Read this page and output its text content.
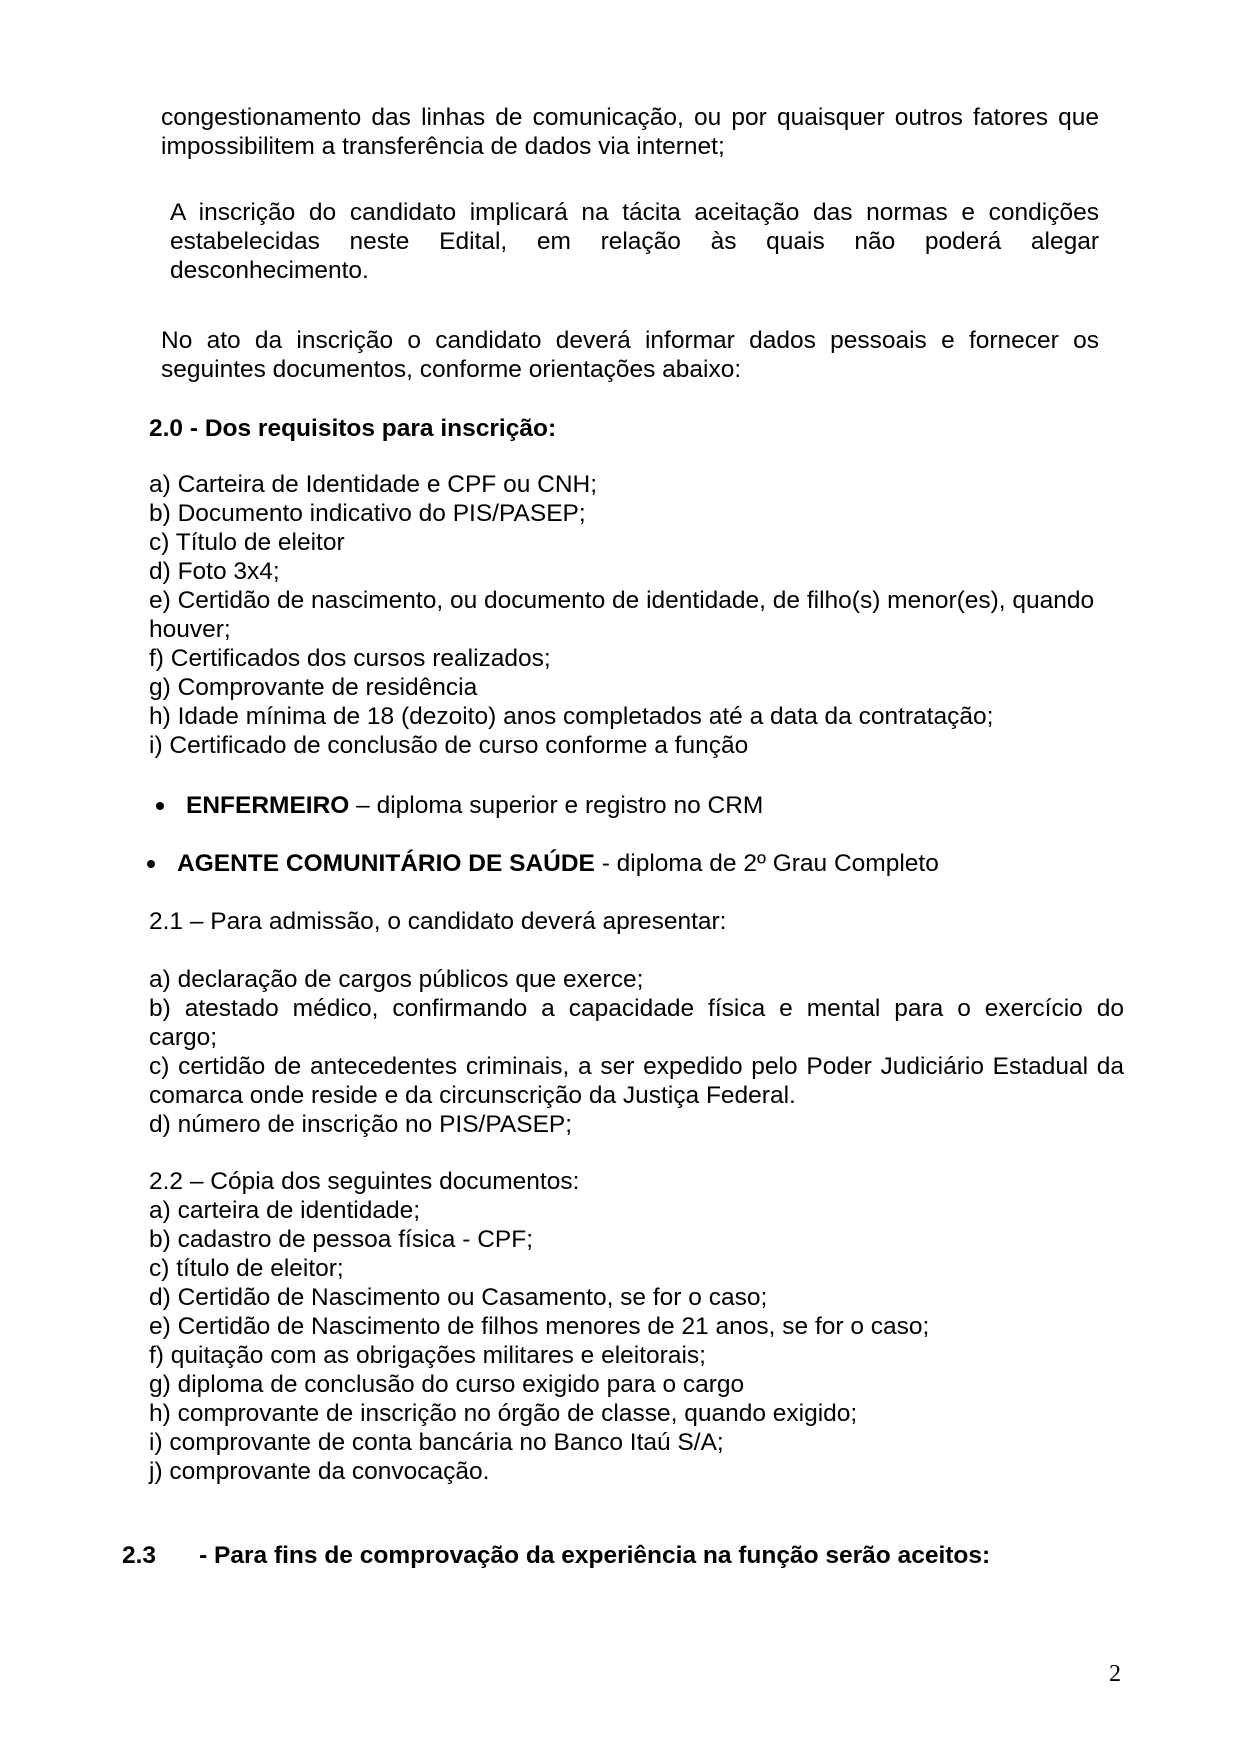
congestionamento das linhas de comunicação, ou por quaisquer outros fatores que
impossibilitem a transferência de dados via internet;
A inscrição do candidato implicará na tácita aceitação das normas e condições
estabelecidas neste Edital, em relação às quais não poderá alegar
desconhecimento.
No ato da inscrição o candidato deverá informar dados pessoais e fornecer os
seguintes documentos, conforme orientações abaixo:
2.0 - Dos requisitos para inscrição:
a) Carteira de Identidade e CPF ou CNH;
b) Documento indicativo do PIS/PASEP;
c) Título de eleitor
d) Foto 3x4;
e) Certidão de nascimento, ou documento de identidade, de filho(s) menor(es), quando
houver;
f) Certificados dos cursos realizados;
g) Comprovante de residência
h) Idade mínima de 18 (dezoito) anos completados até a data da contratação;
i) Certificado de conclusão de curso conforme a função
ENFERMEIRO – diploma superior e registro no CRM
AGENTE COMUNITÁRIO DE SAÚDE - diploma de 2º Grau Completo
2.1 – Para admissão, o candidato deverá apresentar:
a) declaração de cargos públicos que exerce;
b) atestado médico, confirmando a capacidade física e mental para o exercício do
cargo;
c) certidão de antecedentes criminais, a ser expedido pelo Poder Judiciário Estadual da
comarca onde reside e da circunscrição da Justiça Federal.
d) número de inscrição no PIS/PASEP;
2.2 – Cópia dos seguintes documentos:
a) carteira de identidade;
b) cadastro de pessoa física - CPF;
c) título de eleitor;
d) Certidão de Nascimento ou Casamento, se for o caso;
e) Certidão de Nascimento de filhos menores de 21 anos, se for o caso;
f) quitação com as obrigações militares e eleitorais;
g) diploma de conclusão do curso exigido para o cargo
h) comprovante de inscrição no órgão de classe, quando exigido;
i) comprovante de conta bancária no Banco Itaú S/A;
j) comprovante da convocação.
2.3 - Para fins de comprovação da experiência na função serão aceitos:
2
